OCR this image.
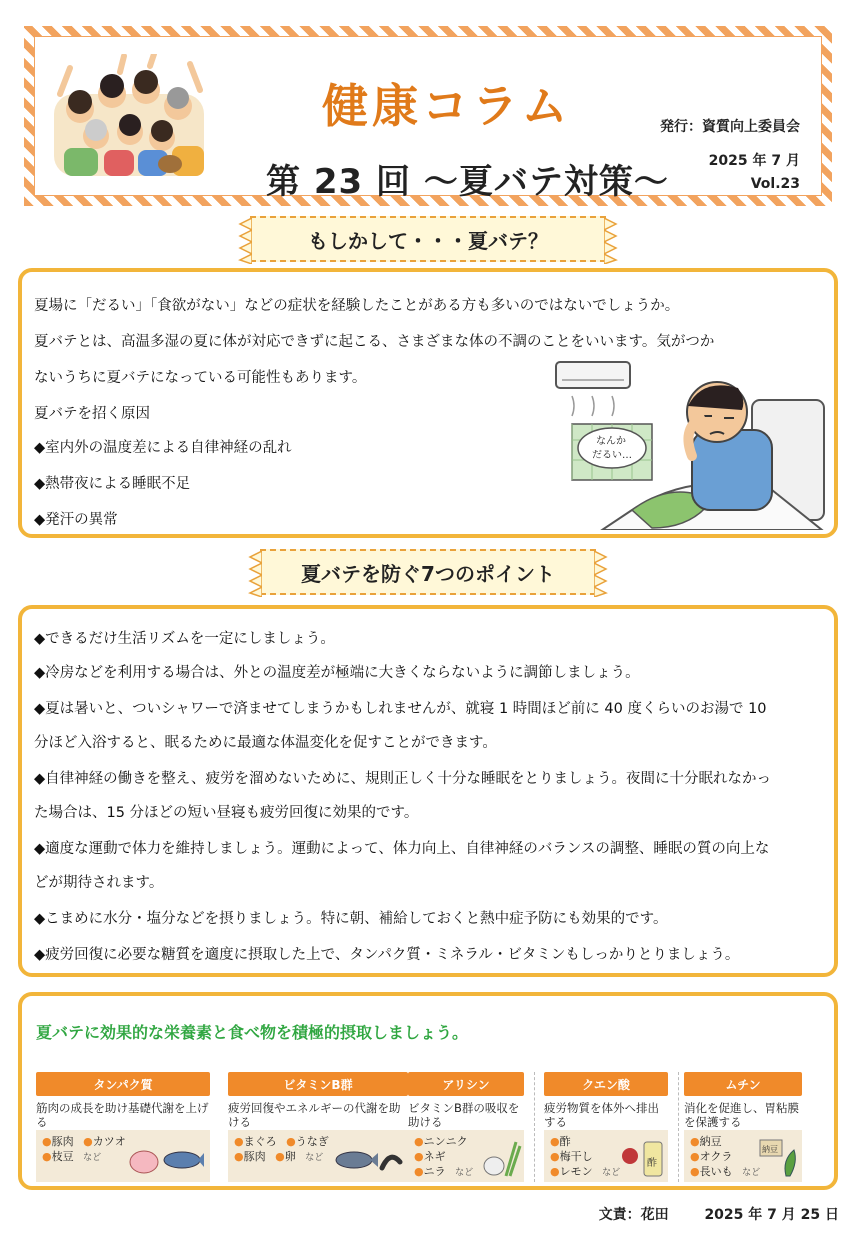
健康コラム
第 23 回 ～夏バテ対策～
発行：資質向上委員会
2025 年 7 月
Vol.23
もしかして・・・夏バテ？
夏場に「だるい」「食欲がない」などの症状を経験したことがある方も多いのではないでしょうか。
夏バテとは、高温多湿の夏に体が対応できずに起こる、さまざまな体の不調のことをいいます。気がつか
ないうちに夏バテになっている可能性もあります。
夏バテを招く原因
◆室内外の温度差による自律神経の乱れ
◆熱帯夜による睡眠不足
◆発汗の異常
なんか
だるい…
夏バテを防ぐ7つのポイント
◆できるだけ生活リズムを一定にしましょう。
◆冷房などを利用する場合は、外との温度差が極端に大きくならないように調節しましょう。
◆夏は暑いと、ついシャワーで済ませてしまうかもしれませんが、就寝 1 時間ほど前に 40 度くらいのお湯で 10
分ほど入浴すると、眠るために最適な体温変化を促すことができます。
◆自律神経の働きを整え、疲労を溜めないために、規則正しく十分な睡眠をとりましょう。夜間に十分眠れなかっ
た場合は、15 分ほどの短い昼寝も疲労回復に効果的です。
◆適度な運動で体力を維持しましょう。運動によって、体力向上、自律神経のバランスの調整、睡眠の質の向上な
どが期待されます。
◆こまめに水分・塩分などを摂りましょう。特に朝、補給しておくと熱中症予防にも効果的です。
◆疲労回復に必要な糖質を適度に摂取した上で、タンパク質・ミネラル・ビタミンもしっかりとりましょう。
夏バテに効果的な栄養素と食べ物を積極的摂取しましょう。
タンパク質
筋肉の成長を助け基礎代謝を上げる
●豚肉 ●カツオ
●枝豆 など
ビタミンB群
疲労回復やエネルギーの代謝を助ける
●まぐろ ●うなぎ
●豚肉 ●卵 など
アリシン
ビタミンB群の吸収を助ける
●ニンニク
●ネギ
●ニラ など
クエン酸
疲労物質を体外へ排出する
●酢
●梅干し
●レモン など
酢
ムチン
消化を促進し、胃粘膜を保護する
●納豆
●オクラ
●長いも など
納豆
文責：花田	2025 年 7 月 25 日
